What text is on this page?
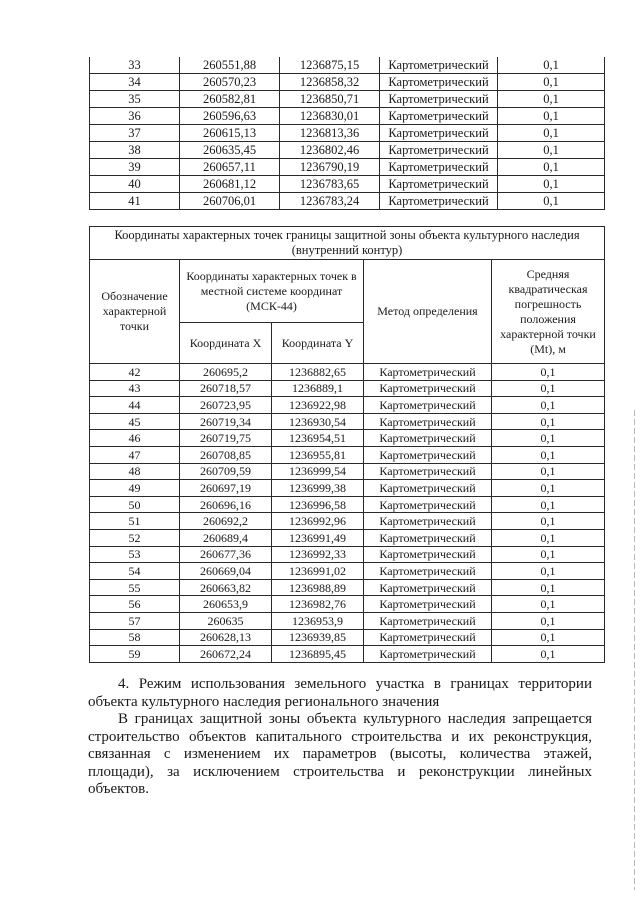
33	260551,88	1236875,15	Картометрический	0,1
34	260570,23	1236858,32	Картометрический	0,1
35	260582,81	1236850,71	Картометрический	0,1
36	260596,63	1236830,01	Картометрический	0,1
37	260615,13	1236813,36	Картометрический	0,1
38	260635,45	1236802,46	Картометрический	0,1
39	260657,11	1236790,19	Картометрический	0,1
40	260681,12	1236783,65	Картометрический	0,1
41	260706,01	1236783,24	Картометрический	0,1
Координаты характерных точек границы защитной зоны объекта культурного наследия (внутренний контур)				
Обозначение характерной точки	Координаты характерных точек в местной системе координат (МСК-44)		Метод определения	Средняя квадратическая погрешность положения характерной точки (Mt), м
	Координата X	Координата Y		
42	260695,2	1236882,65	Картометрический	0,1
43	260718,57	1236889,1	Картометрический	0,1
44	260723,95	1236922,98	Картометрический	0,1
45	260719,34	1236930,54	Картометрический	0,1
46	260719,75	1236954,51	Картометрический	0,1
47	260708,85	1236955,81	Картометрический	0,1
48	260709,59	1236999,54	Картометрический	0,1
49	260697,19	1236999,38	Картометрический	0,1
50	260696,16	1236996,58	Картометрический	0,1
51	260692,2	1236992,96	Картометрический	0,1
52	260689,4	1236991,49	Картометрический	0,1
53	260677,36	1236992,33	Картометрический	0,1
54	260669,04	1236991,02	Картометрический	0,1
55	260663,82	1236988,89	Картометрический	0,1
56	260653,9	1236982,76	Картометрический	0,1
57	260635	1236953,9	Картометрический	0,1
58	260628,13	1236939,85	Картометрический	0,1
59	260672,24	1236895,45	Картометрический	0,1

4. Режим использования земельного участка в границах территории объекта культурного наследия регионального значения

В границах защитной зоны объекта культурного наследия запрещается строительство объектов капитального строительства и их реконструкция, связанная с изменением их параметров (высоты, количества этажей, площади), за исключением строительства и реконструкции линейных объектов.
